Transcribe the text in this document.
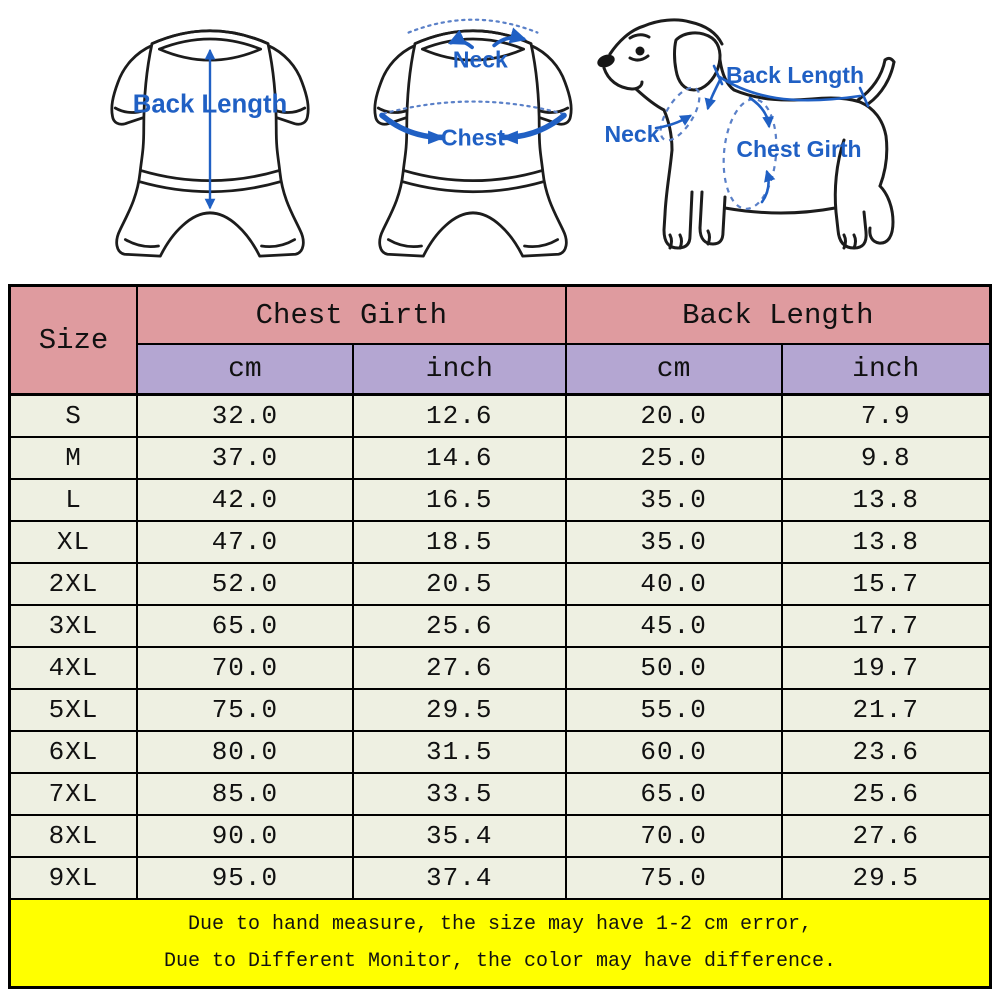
Back Length
Neck
Chest
Back Length
Neck
Chest Girth
Size	Chest Girth		Back Length	
	cm	inch	cm	inch
S	32.0	12.6	20.0	7.9
M	37.0	14.6	25.0	9.8
L	42.0	16.5	35.0	13.8
XL	47.0	18.5	35.0	13.8
2XL	52.0	20.5	40.0	15.7
3XL	65.0	25.6	45.0	17.7
4XL	70.0	27.6	50.0	19.7
5XL	75.0	29.5	55.0	21.7
6XL	80.0	31.5	60.0	23.6
7XL	85.0	33.5	65.0	25.6
8XL	90.0	35.4	70.0	27.6
9XL	95.0	37.4	75.0	29.5

Due to hand measure, the size may have 1-2 cm error,
Due to Different Monitor, the color may have difference.				
